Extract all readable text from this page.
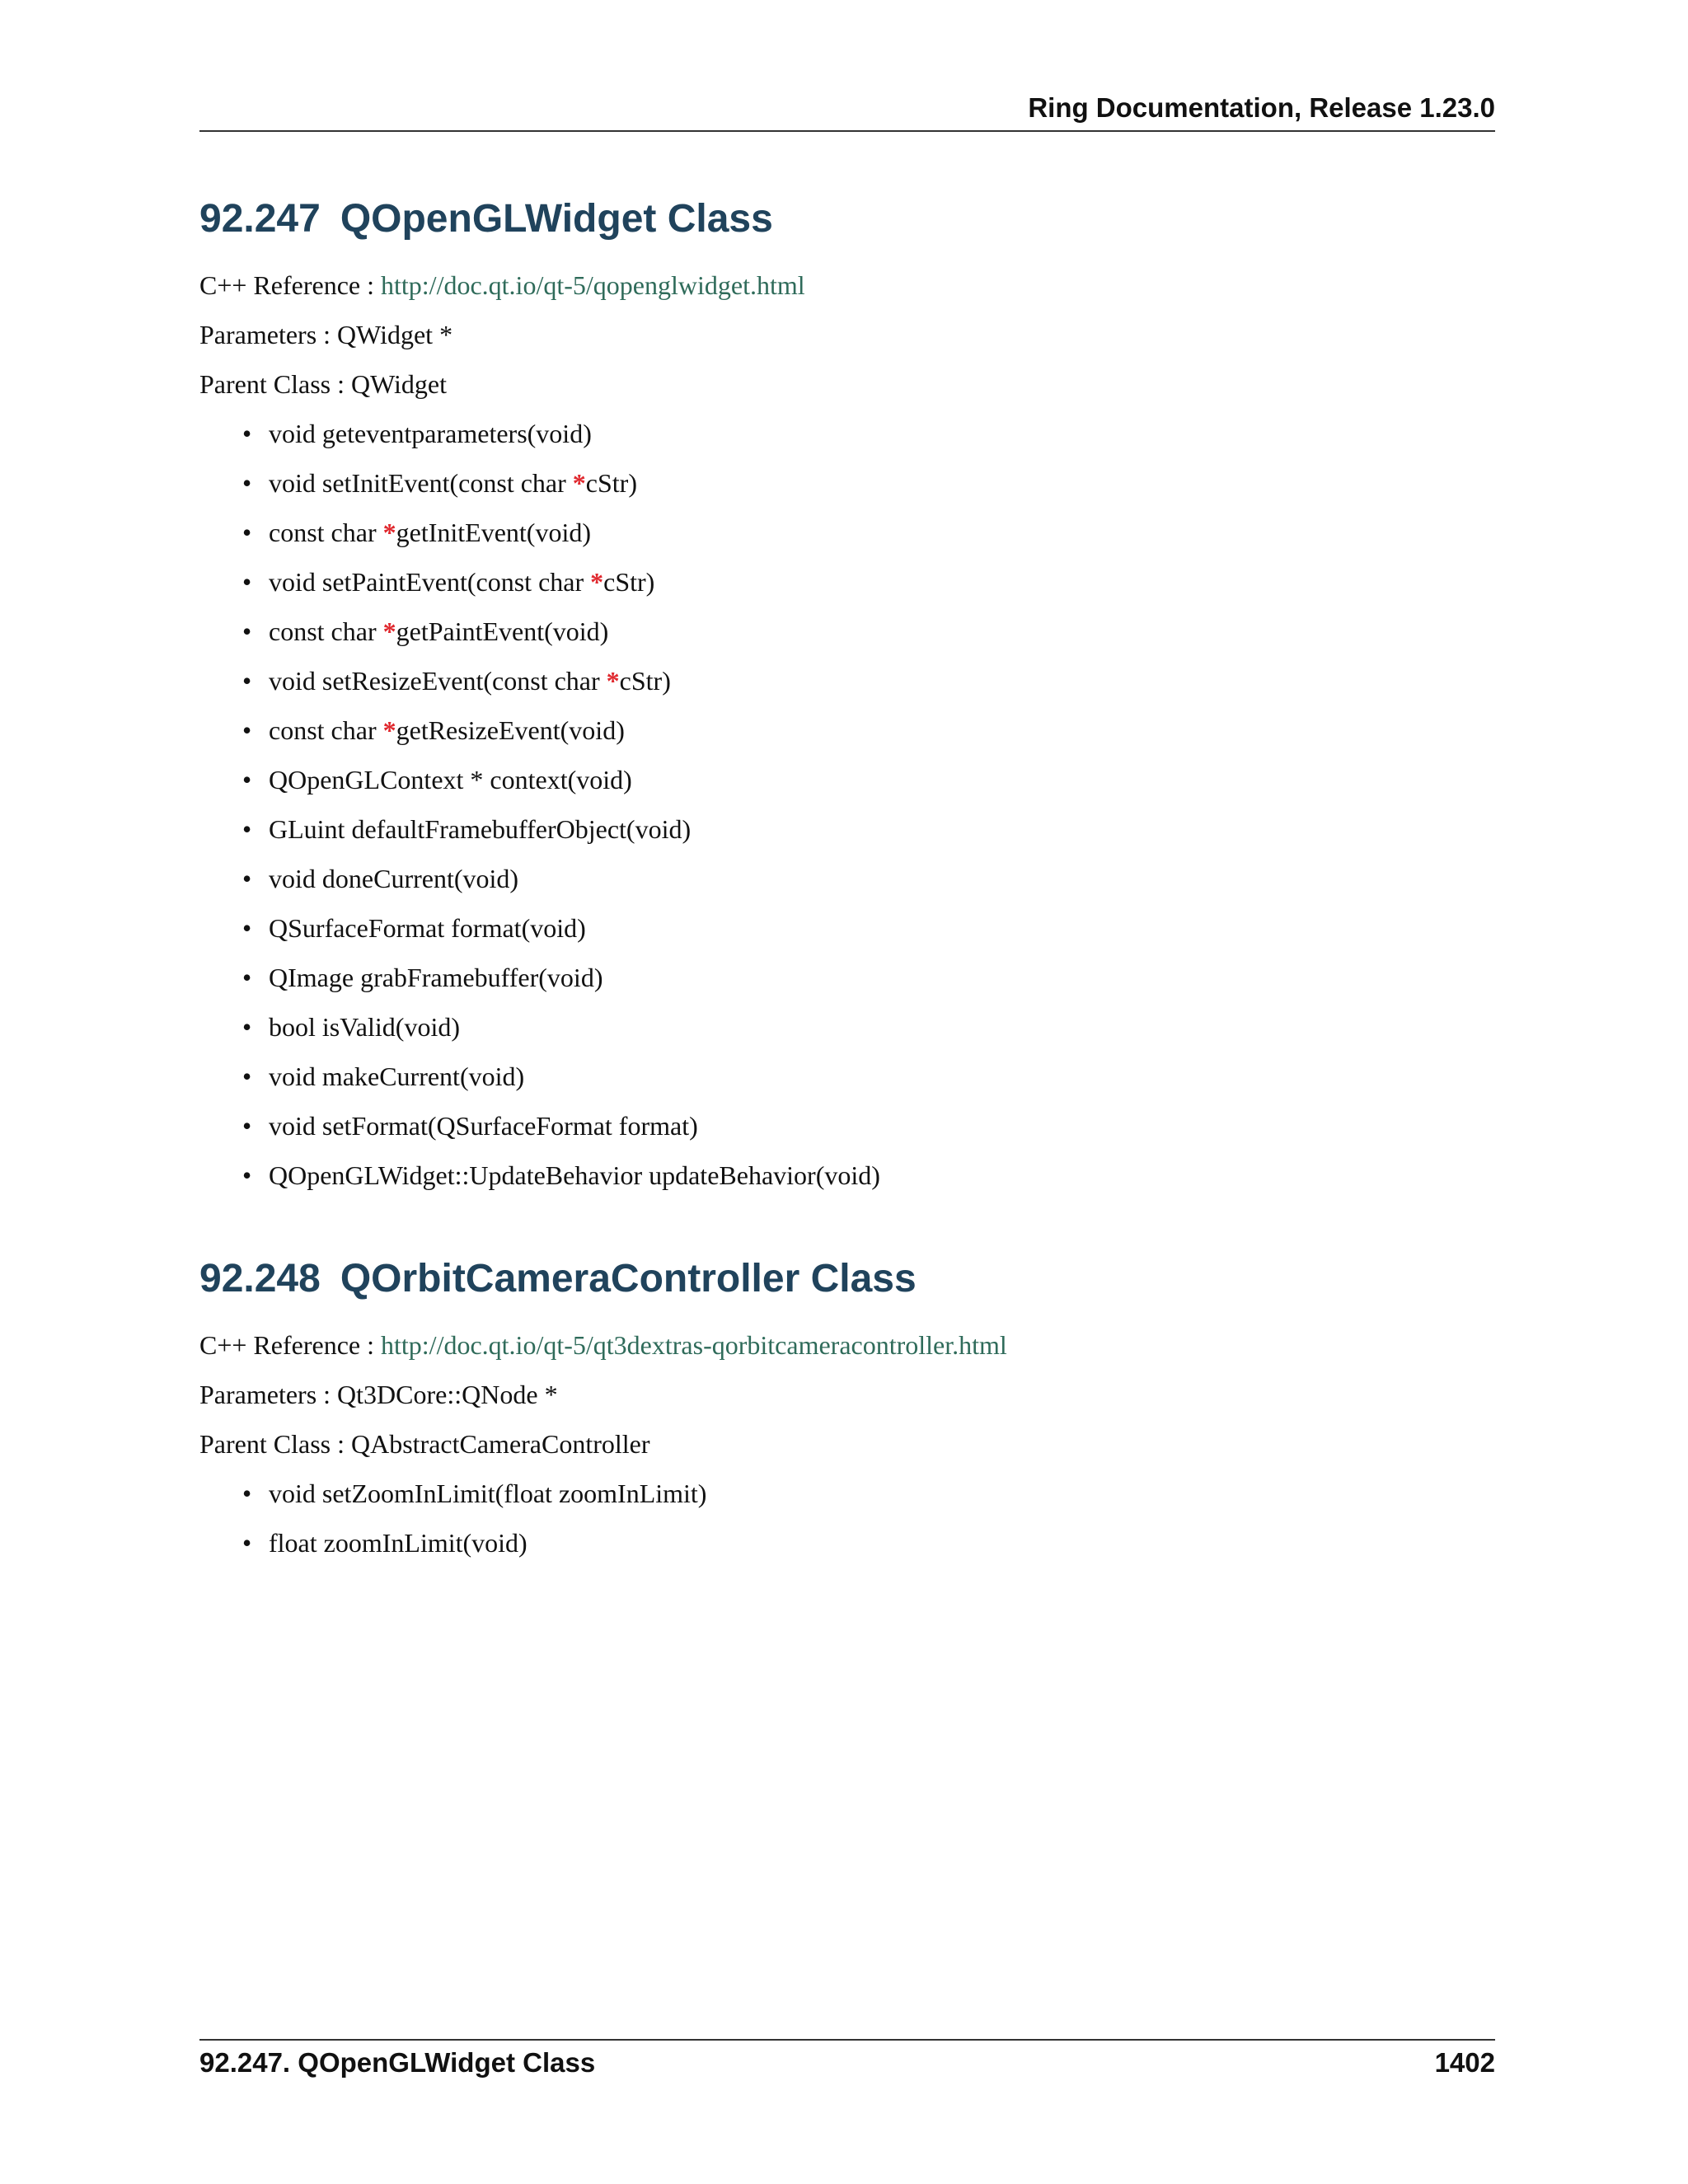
Ring Documentation, Release 1.23.0
92.247 QOpenGLWidget Class

C++ Reference : http://doc.qt.io/qt-5/qopenglwidget.html

Parameters : QWidget *

Parent Class : QWidget

• void geteventparameters(void)
• void setInitEvent(const char *cStr)
• const char *getInitEvent(void)
• void setPaintEvent(const char *cStr)
• const char *getPaintEvent(void)
• void setResizeEvent(const char *cStr)
• const char *getResizeEvent(void)
• QOpenGLContext * context(void)
• GLuint defaultFramebufferObject(void)
• void doneCurrent(void)
• QSurfaceFormat format(void)
• QImage grabFramebuffer(void)
• bool isValid(void)
• void makeCurrent(void)
• void setFormat(QSurfaceFormat format)
• QOpenGLWidget::UpdateBehavior updateBehavior(void)
92.248 QOrbitCameraController Class

C++ Reference : http://doc.qt.io/qt-5/qt3dextras-qorbitcameracontroller.html

Parameters : Qt3DCore::QNode *

Parent Class : QAbstractCameraController

• void setZoomInLimit(float zoomInLimit)
• float zoomInLimit(void)
92.247. QOpenGLWidget Class	1402
